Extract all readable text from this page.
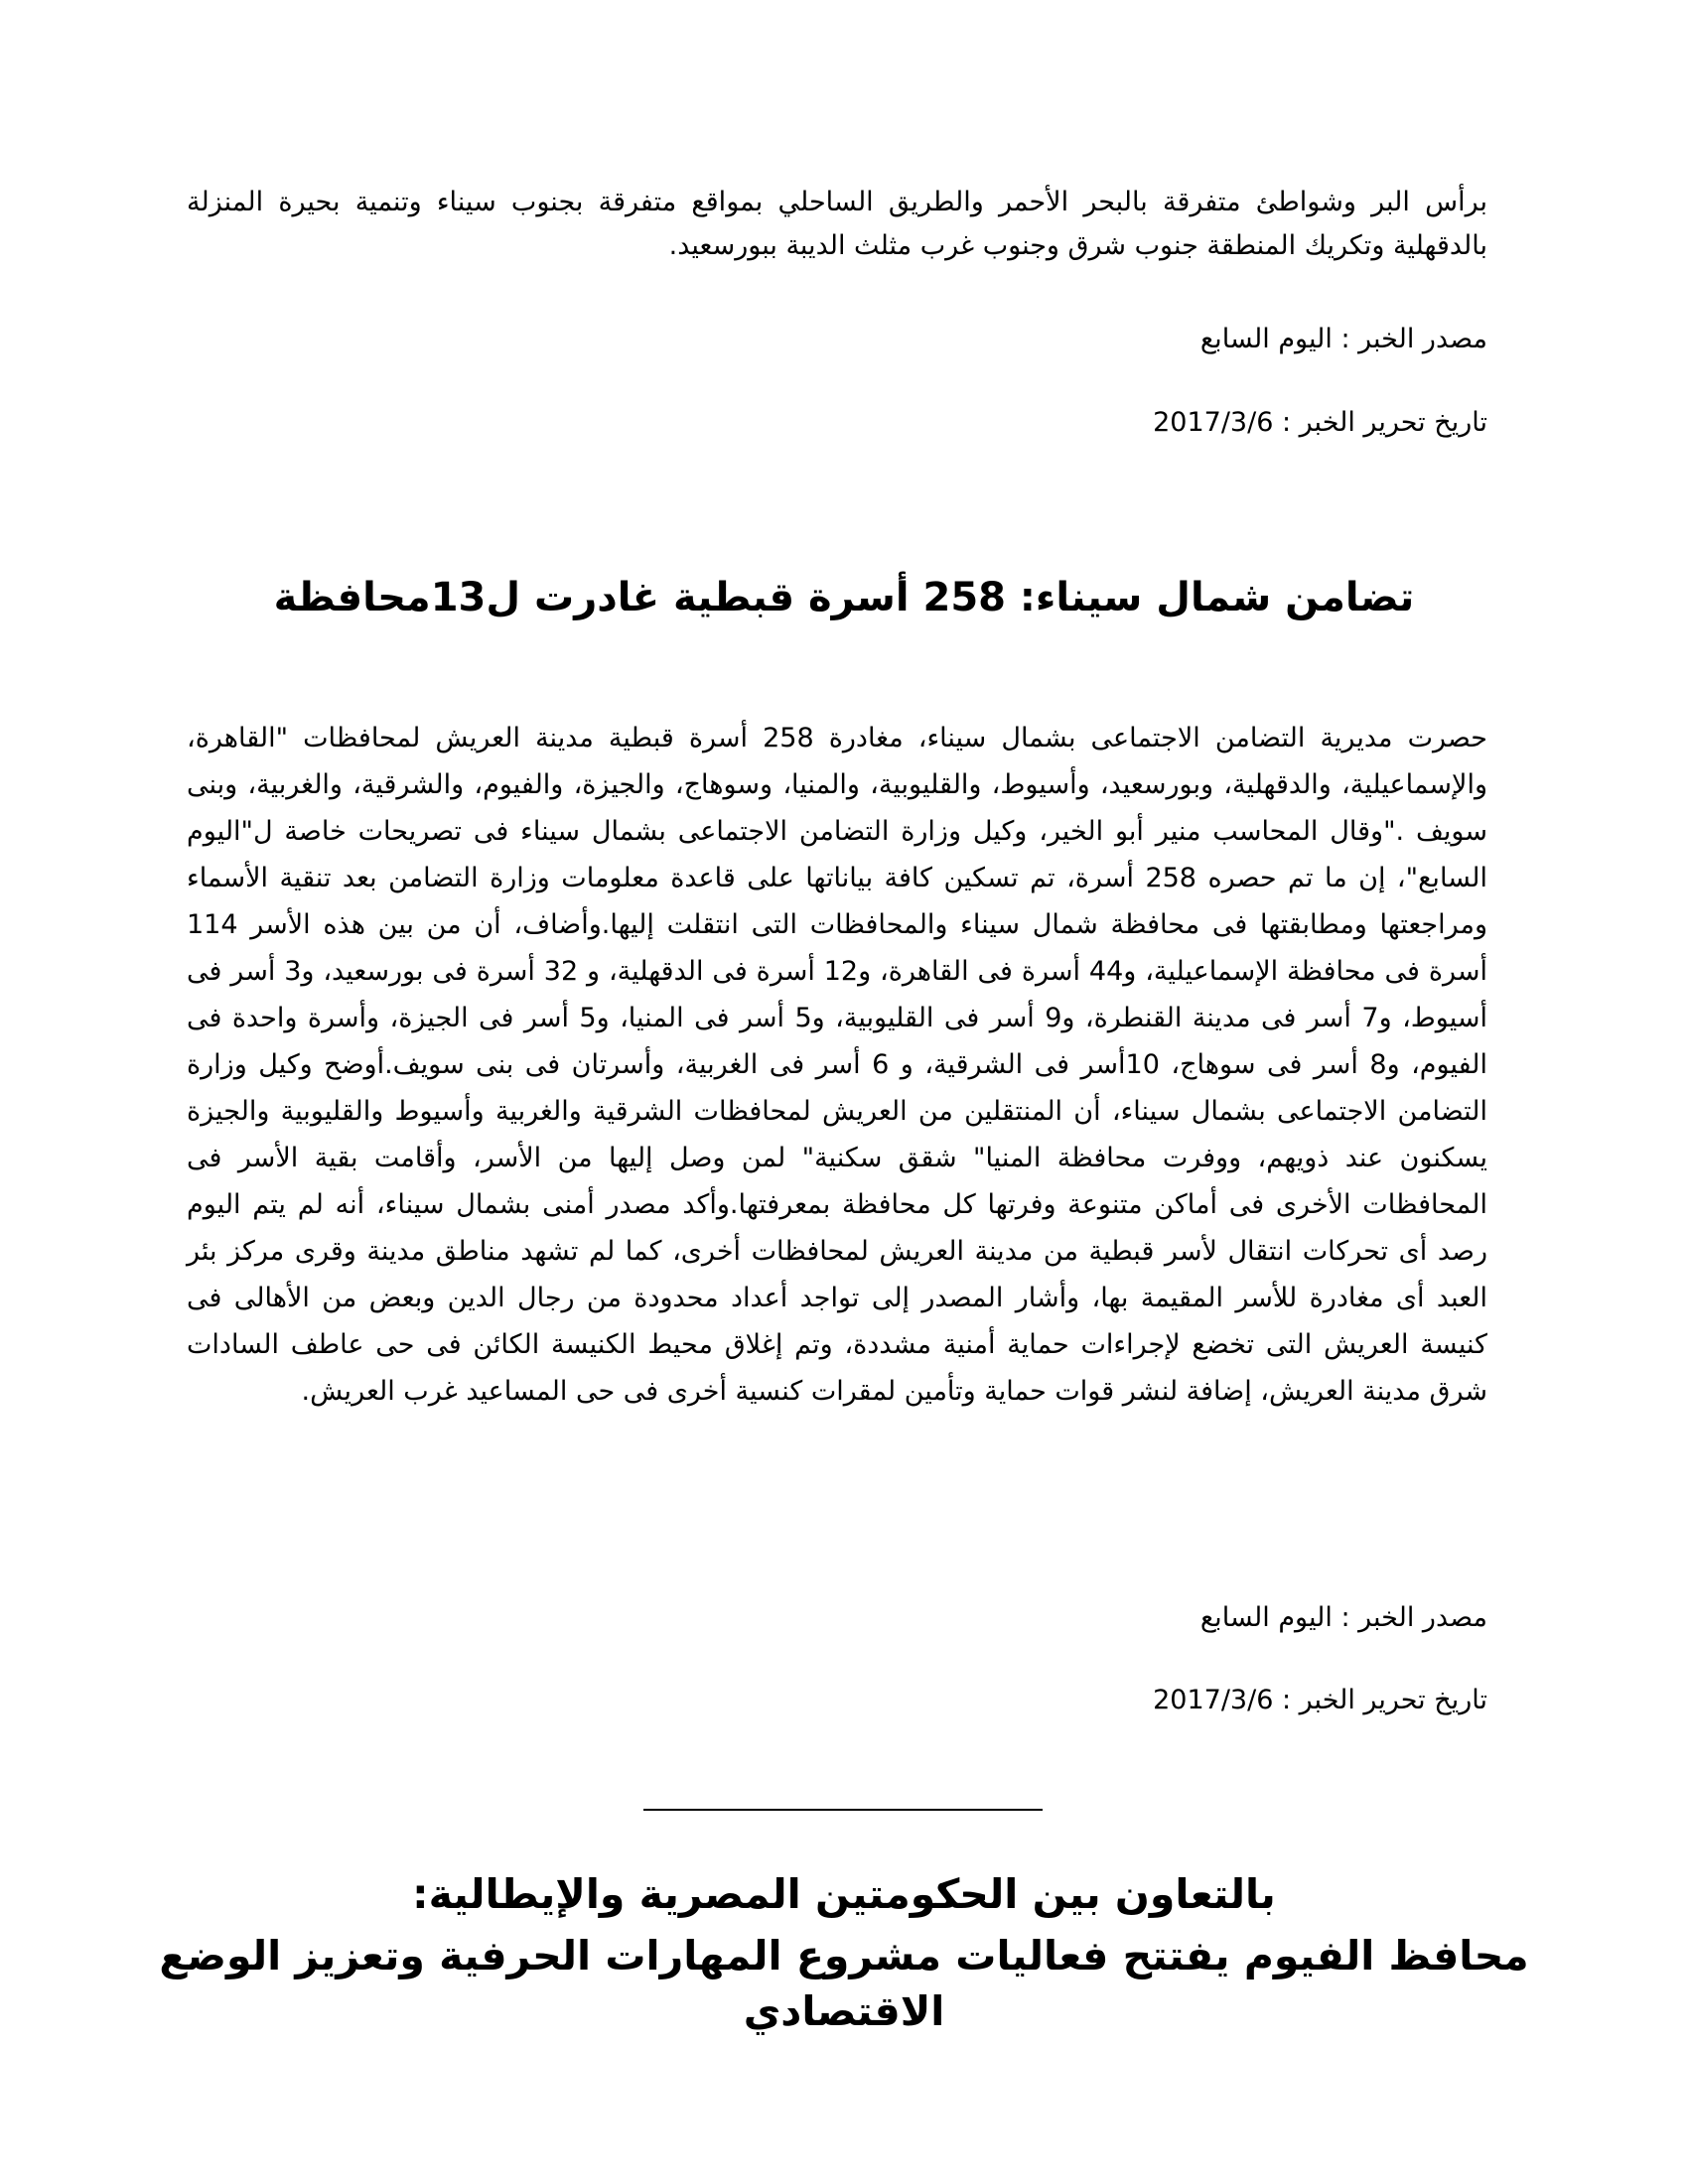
برأس البر وشواطئ متفرقة بالبحر الأحمر والطريق الساحلي بمواقع متفرقة بجنوب سيناء وتنمية بحيرة المنزلة بالدقهلية وتكريك المنطقة جنوب شرق وجنوب غرب مثلث الديبة ببورسعيد.

مصدر الخبر : اليوم السابع
تاريخ تحرير الخبر : 2017/3/6
تضامن شمال سيناء: 258 أسرة قبطية غادرت ل13محافظة

حصرت مديرية التضامن الاجتماعى بشمال سيناء، مغادرة 258 أسرة قبطية مدينة العريش لمحافظات "القاهرة، والإسماعيلية، والدقهلية، وبورسعيد، وأسيوط، والقليوبية، والمنيا، وسوهاج، والجيزة، والفيوم، والشرقية، والغربية، وبنى سويف ."وقال المحاسب منير أبو الخير، وكيل وزارة التضامن الاجتماعى بشمال سيناء فى تصريحات خاصة ل"اليوم السابع"، إن ما تم حصره 258 أسرة، تم تسكين كافة بياناتها على قاعدة معلومات وزارة التضامن بعد تنقية الأسماء ومراجعتها ومطابقتها فى محافظة شمال سيناء والمحافظات التى انتقلت إليها.وأضاف، أن من بين هذه الأسر 114 أسرة فى محافظة الإسماعيلية، و44 أسرة فى القاهرة، و12 أسرة فى الدقهلية، و 32 أسرة فى بورسعيد، و3 أسر فى أسيوط، و7 أسر فى مدينة القنطرة، و9 أسر فى القليوبية، و5 أسر فى المنيا، و5 أسر فى الجيزة، وأسرة واحدة فى الفيوم، و8 أسر فى سوهاج، 10أسر فى الشرقية، و 6 أسر فى الغربية، وأسرتان فى بنى سويف.أوضح وكيل وزارة التضامن الاجتماعى بشمال سيناء، أن المنتقلين من العريش لمحافظات الشرقية والغربية وأسيوط والقليوبية والجيزة يسكنون عند ذويهم، ووفرت محافظة المنيا" شقق سكنية" لمن وصل إليها من الأسر، وأقامت بقية الأسر فى المحافظات الأخرى فى أماكن متنوعة وفرتها كل محافظة بمعرفتها.وأكد مصدر أمنى بشمال سيناء، أنه لم يتم اليوم رصد أى تحركات انتقال لأسر قبطية من مدينة العريش لمحافظات أخرى، كما لم تشهد مناطق مدينة وقرى مركز بئر العبد أى مغادرة للأسر المقيمة بها، وأشار المصدر إلى تواجد أعداد محدودة من رجال الدين وبعض من الأهالى فى كنيسة العريش التى تخضع لإجراءات حماية أمنية مشددة، وتم إغلاق محيط الكنيسة الكائن فى حى عاطف السادات شرق مدينة العريش، إضافة لنشر قوات حماية وتأمين لمقرات كنسية أخرى فى حى المساعيد غرب العريش.

مصدر الخبر : اليوم السابع
تاريخ تحرير الخبر : 2017/3/6
بالتعاون بين الحكومتين المصرية والإيطالية:
محافظ الفيوم يفتتح فعاليات مشروع المهارات الحرفية وتعزيز الوضع الاقتصادي
